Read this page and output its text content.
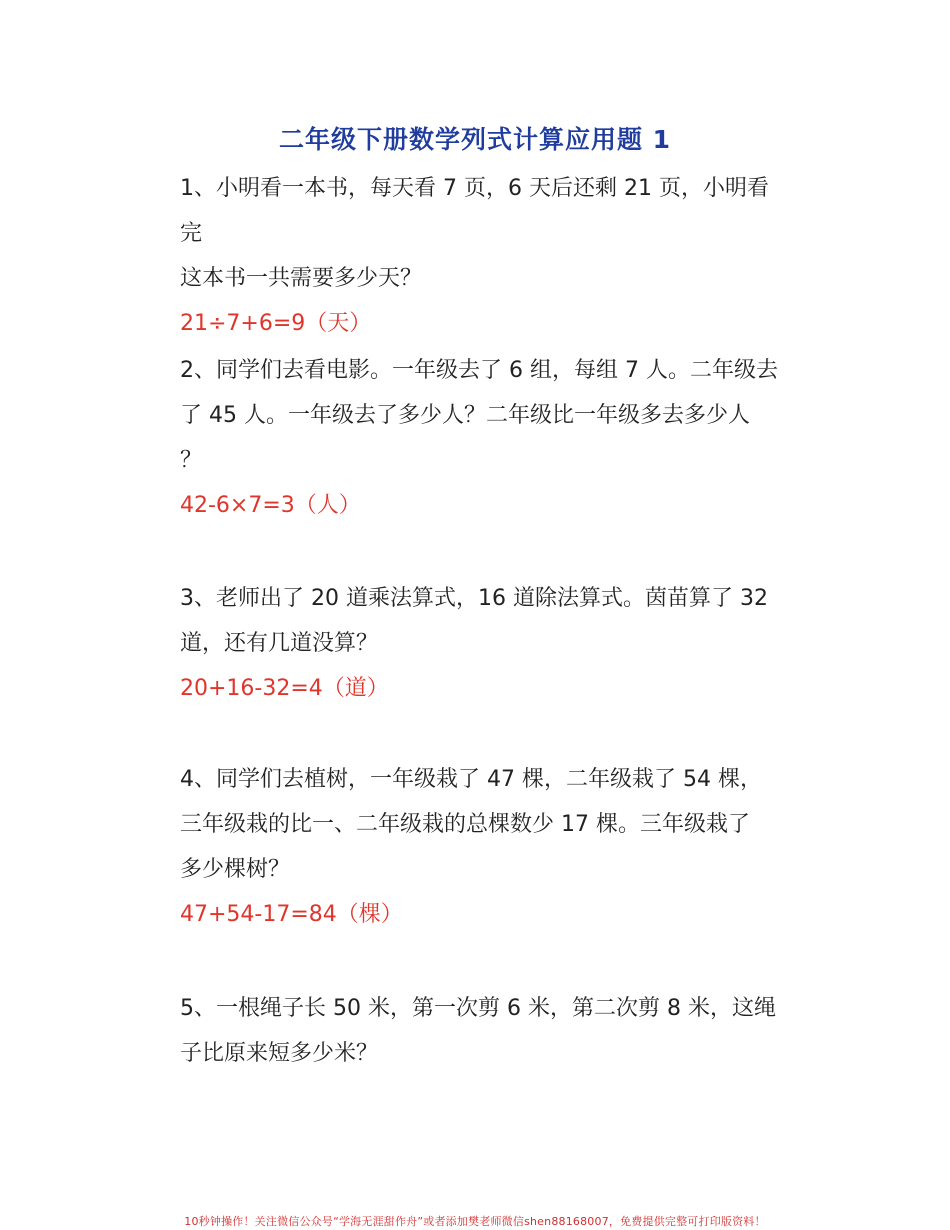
二年级下册数学列式计算应用题 1

1、小明看一本书，每天看 7 页，6 天后还剩 21 页，小明看完

这本书一共需要多少天？

21÷7+6=9（天）

2、同学们去看电影。一年级去了 6 组，每组 7 人。二年级去

了 45 人。一年级去了多少人？二年级比一年级多去多少人

？

42-6×7=3（人）

3、老师出了 20 道乘法算式，16 道除法算式。茵苗算了 32

道，还有几道没算？

20+16-32=4（道）

4、同学们去植树，一年级栽了 47 棵，二年级栽了 54 棵，

三年级栽的比一、二年级栽的总棵数少 17 棵。三年级栽了

多少棵树？

47+54-17=84（棵）

5、一根绳子长 50 米，第一次剪 6 米，第二次剪 8 米，这绳

子比原来短多少米？

10秒钟操作！关注微信公众号“学海无涯甜作舟”或者添加樊老师微信shen88168007，免费提供完整可打印版资料！
